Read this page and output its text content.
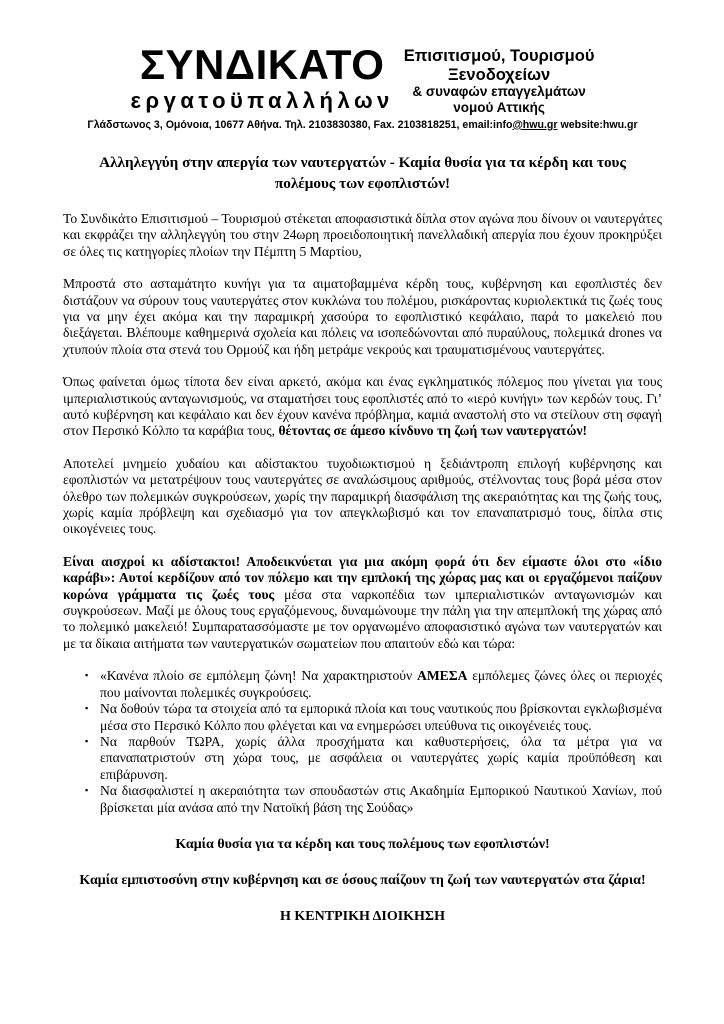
ΣΥΝΔΙΚΑΤΟ
εργατοϋπαλλήλων
Επισιτισμού, Τουρισμού
Ξενοδοχείων
& συναφών επαγγελμάτων
νομού Αττικής
Γλάδστωνος 3, Ομόνοια, 10677 Αθήνα. Τηλ. 2103830380, Fax. 2103818251, email:info@hwu.gr website:hwu.gr
Αλληλεγγύη στην απεργία των ναυτεργατών - Καμία θυσία για τα κέρδη και τους πολέμους των εφοπλιστών!

Το Συνδικάτο Επισιτισμού – Τουρισμού στέκεται αποφασιστικά δίπλα στον αγώνα που δίνουν οι ναυτεργάτες και εκφράζει την αλληλεγγύη του στην 24ωρη προειδοποιητική πανελλαδική απεργία που έχουν προκηρύξει σε όλες τις κατηγορίες πλοίων την Πέμπτη 5 Μαρτίου,

Μπροστά στο ασταμάτητο κυνήγι για τα αιματοβαμμένα κέρδη τους, κυβέρνηση και εφοπλιστές δεν διστάζουν να σύρουν τους ναυτεργάτες στον κυκλώνα του πολέμου, ρισκάροντας κυριολεκτικά τις ζωές τους για να μην έχει ακόμα και την παραμικρή χασούρα το εφοπλιστικό κεφάλαιο, παρά το μακελειό που διεξάγεται. Βλέπουμε καθημερινά σχολεία και πόλεις να ισοπεδώνονται από πυραύλους, πολεμικά drones να χτυπούν πλοία στα στενά του Ορμούζ και ήδη μετράμε νεκρούς και τραυματισμένους ναυτεργάτες.

Όπως φαίνεται όμως τίποτα δεν είναι αρκετό, ακόμα και ένας εγκληματικός πόλεμος που γίνεται για τους ιμπεριαλιστικούς ανταγωνισμούς, να σταματήσει τους εφοπλιστές από το «ιερό κυνήγι» των κερδών τους. Γι’ αυτό κυβέρνηση και κεφάλαιο και δεν έχουν κανένα πρόβλημα, καμιά αναστολή στο να στείλουν στη σφαγή στον Περσικό Κόλπο τα καράβια τους, θέτοντας σε άμεσο κίνδυνο τη ζωή των ναυτεργατών!

Αποτελεί μνημείο χυδαίου και αδίστακτου τυχοδιωκτισμού η ξεδιάντροπη επιλογή κυβέρνησης και εφοπλιστών να μετατρέψουν τους ναυτεργάτες σε αναλώσιμους αριθμούς, στέλνοντας τους βορά μέσα στον όλεθρο των πολεμικών συγκρούσεων, χωρίς την παραμικρή διασφάλιση της ακεραιότητας και της ζωής τους, χωρίς καμία πρόβλεψη και σχεδιασμό για τον απεγκλωβισμό και τον επαναπατρισμό τους, δίπλα στις οικογένειες τους.

Είναι αισχροί κι αδίστακτοι! Αποδεικνύεται για μια ακόμη φορά ότι δεν είμαστε όλοι στο «ίδιο καράβι»: Αυτοί κερδίζουν από τον πόλεμο και την εμπλοκή της χώρας μας και οι εργαζόμενοι παίζουν κορώνα γράμματα τις ζωές τους μέσα στα ναρκοπέδια των ιμπεριαλιστικών ανταγωνισμών και συγκρούσεων. Μαζί με όλους τους εργαζόμενους, δυναμώνουμε την πάλη για την απεμπλοκή της χώρας από το πολεμικό μακελειό! Συμπαρατασσόμαστε με τον οργανωμένο αποφασιστικό αγώνα των ναυτεργατών και με τα δίκαια αιτήματα των ναυτεργατικών σωματείων που απαιτούν εδώ και τώρα:

▪ «Κανένα πλοίο σε εμπόλεμη ζώνη! Να χαρακτηριστούν ΑΜΕΣΑ εμπόλεμες ζώνες όλες οι περιοχές που μαίνονται πολεμικές συγκρούσεις.
▪ Να δοθούν τώρα τα στοιχεία από τα εμπορικά πλοία και τους ναυτικούς που βρίσκονται εγκλωβισμένα μέσα στο Περσικό Κόλπο που φλέγεται και να ενημερώσει υπεύθυνα τις οικογένειές τους.
▪ Να παρθούν ΤΩΡΑ, χωρίς άλλα προσχήματα και καθυστερήσεις, όλα τα μέτρα για να επαναπατριστούν στη χώρα τους, με ασφάλεια οι ναυτεργάτες χωρίς καμία προϋπόθεση και επιβάρυνση.
▪ Να διασφαλιστεί η ακεραιότητα των σπουδαστών στις Ακαδημία Εμπορικού Ναυτικού Χανίων, πού βρίσκεται μία ανάσα από την Νατοϊκή βάση της Σούδας»

Καμία θυσία για τα κέρδη και τους πολέμους των εφοπλιστών!

Καμία εμπιστοσύνη στην κυβέρνηση και σε όσους παίζουν τη ζωή των ναυτεργατών στα ζάρια!

Η ΚΕΝΤΡΙΚΗ ΔΙΟΙΚΗΣΗ
